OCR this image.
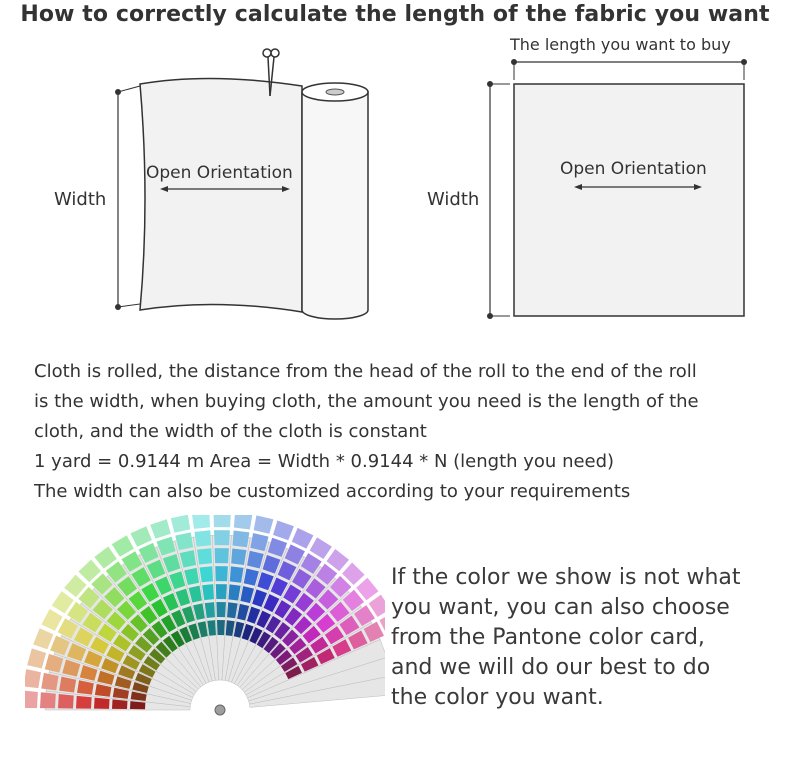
How to correctly calculate the length of the fabric you want
Width
Open Orientation
The length you want to buy
Width
Open Orientation

Cloth is rolled, the distance from the head of the roll to the end of the roll

is the width, when buying cloth, the amount you need is the length of the

cloth, and the width of the cloth is constant

1 yard = 0.9144 m Area = Width * 0.9144 * N (length you need)

The width can also be customized according to your requirements

If the color we show is not what

you want, you can also choose

from the Pantone color card,

and we will do our best to do

the color you want.
